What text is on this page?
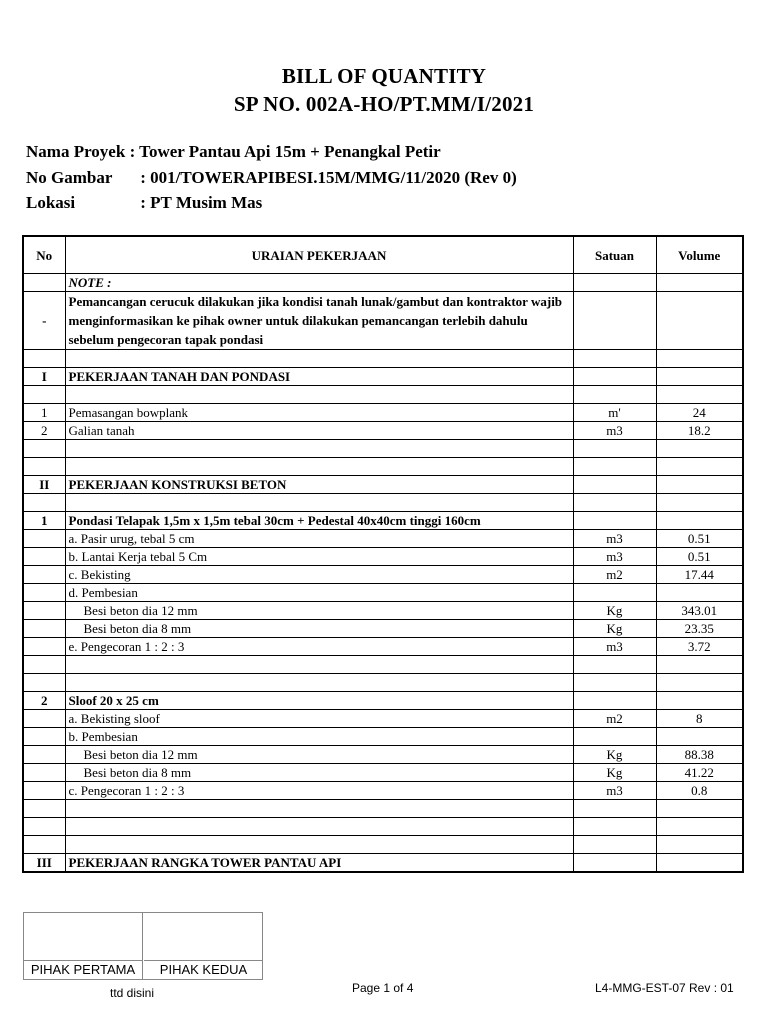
BILL OF QUANTITY
SP NO. 002A-HO/PT.MM/I/2021
Nama Proyek : Tower Pantau Api 15m + Penangkal Petir
No Gambar : 001/TOWERAPIBESI.15M/MMG/11/2020 (Rev 0)
Lokasi	: PT Musim Mas
No	URAIAN PEKERJAAN	Satuan	Volume
	NOTE :		
-	Pemancangan cerucuk dilakukan jika kondisi tanah lunak/gambut dan kontraktor wajib menginformasikan ke pihak owner untuk dilakukan pemancangan terlebih dahulu sebelum pengecoran tapak pondasi		

I	PEKERJAAN TANAH DAN PONDASI		

1	Pemasangan bowplank	m'	24
2	Galian tanah	m3	18.2

II	PEKERJAAN KONSTRUKSI BETON		

1	Pondasi Telapak 1,5m x 1,5m tebal 30cm + Pedestal 40x40cm tinggi 160cm		
	a. Pasir urug, tebal 5 cm	m3	0.51
	b. Lantai Kerja tebal 5 Cm	m3	0.51
	c. Bekisting	m2	17.44
	d. Pembesian		
	Besi beton dia 12 mm	Kg	343.01
	Besi beton dia 8 mm	Kg	23.35
	e. Pengecoran 1 : 2 : 3	m3	3.72

2	Sloof 20 x 25 cm		
	a. Bekisting sloof	m2	8
	b. Pembesian		
	Besi beton dia 12 mm	Kg	88.38
	Besi beton dia 8 mm	Kg	41.22
	c. Pengecoran 1 : 2 : 3	m3	0.8

III	PEKERJAAN RANGKA TOWER PANTAU API		
PIHAK PERTAMA	PIHAK KEDUA
ttd disini	Page 1 of 4	L4-MMG-EST-07 Rev : 01
